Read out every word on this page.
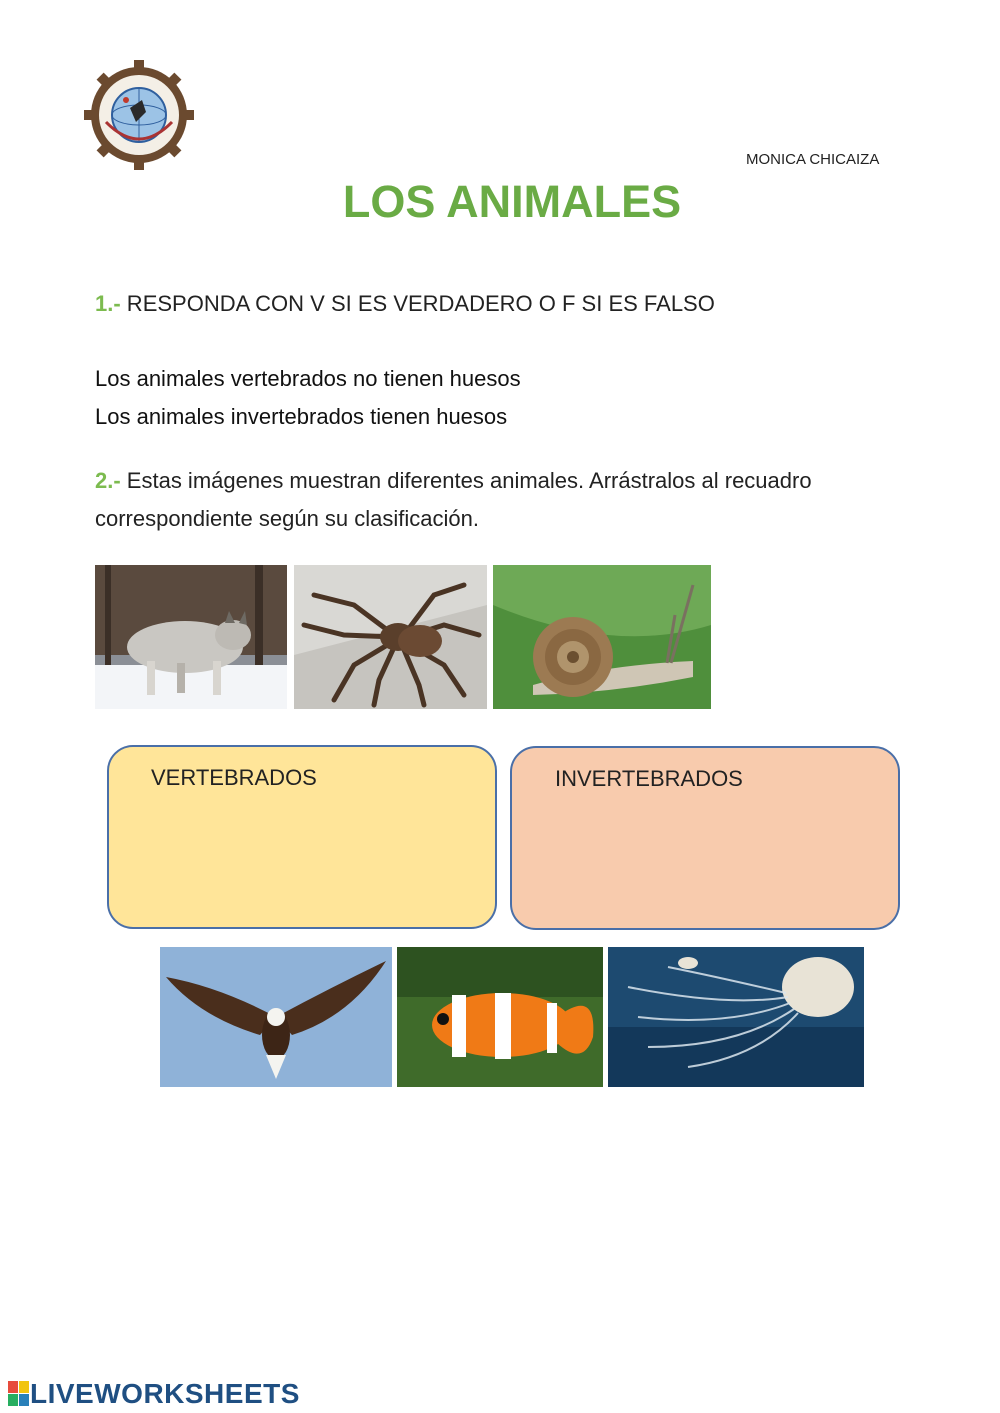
MONICA CHICAIZA
LOS ANIMALES
1.- RESPONDA CON V SI ES VERDADERO O F SI ES FALSO
Los animales vertebrados no tienen huesos
Los animales invertebrados tienen huesos
2.- Estas imágenes muestran diferentes animales. Arrástralos al recuadro correspondiente según su clasificación.
VERTEBRADOS	INVERTEBRADOS
LIVEWORKSHEETS
